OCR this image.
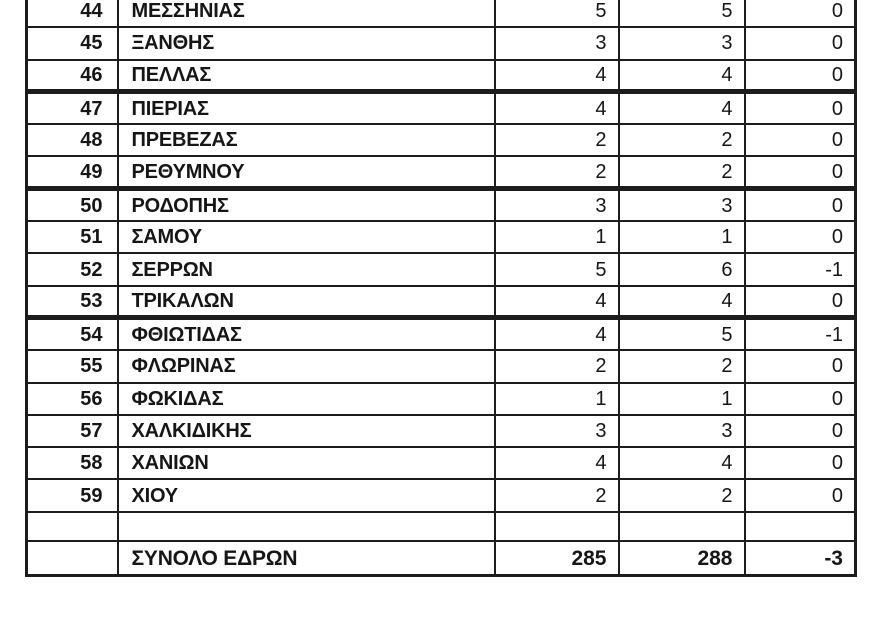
44	ΜΕΣΣΗΝΙΑΣ	5	5	0
45	ΞΑΝΘΗΣ	3	3	0
46	ΠΕΛΛΑΣ	4	4	0
47	ΠΙΕΡΙΑΣ	4	4	0
48	ΠΡΕΒΕΖΑΣ	2	2	0
49	ΡΕΘΥΜΝΟΥ	2	2	0
50	ΡΟΔΟΠΗΣ	3	3	0
51	ΣΑΜΟΥ	1	1	0
52	ΣΕΡΡΩΝ	5	6	-1
53	ΤΡΙΚΑΛΩΝ	4	4	0
54	ΦΘΙΩΤΙΔΑΣ	4	5	-1
55	ΦΛΩΡΙΝΑΣ	2	2	0
56	ΦΩΚΙΔΑΣ	1	1	0
57	ΧΑΛΚΙΔΙΚΗΣ	3	3	0
58	ΧΑΝΙΩΝ	4	4	0
59	ΧΙΟΥ	2	2	0

	ΣΥΝΟΛΟ ΕΔΡΩΝ	285	288	-3
